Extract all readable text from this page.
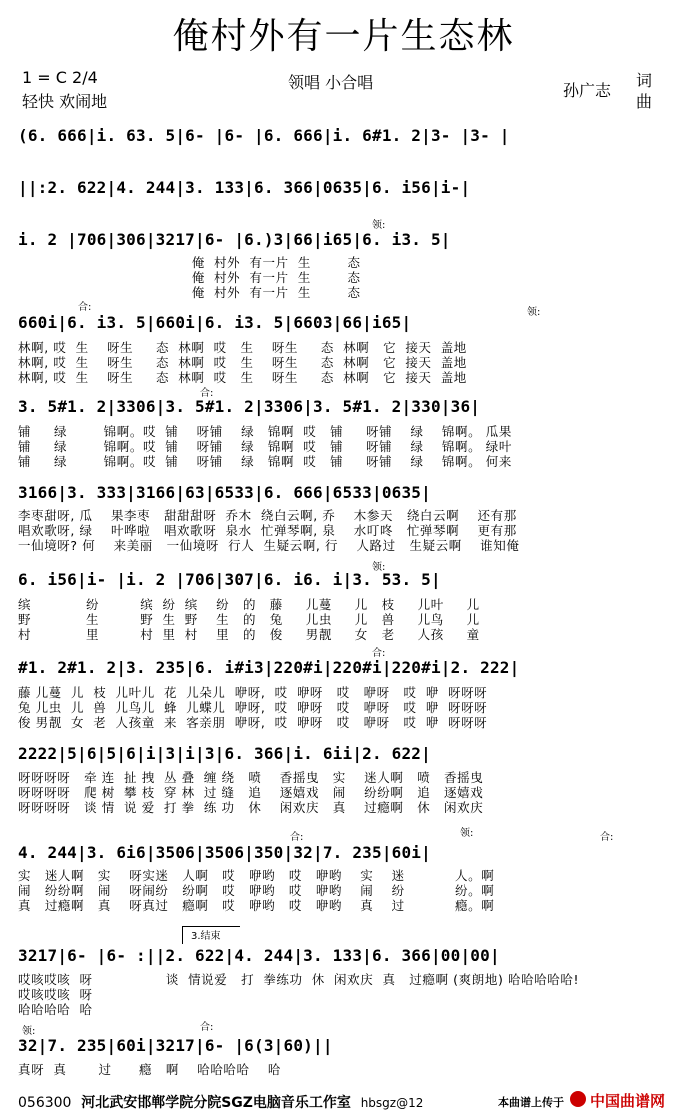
俺村外有一片生态林
1 = C 2/4
轻快 欢闹地
领唱 小合唱	孙广志
词
曲
(6. 666|i. 63. 5|6- |6- |6. 666|i. 6#1. 2|3- |3- |
||:2. 622|4. 244|3. 133|6. 366|0635|6. i56|i-|
领:
i. 2 |706|306|3217|6- |6.)3|66|i65|6. i3. 5|
俺  村外  有一片  生        态
俺  村外  有一片  生        态
俺  村外  有一片  生        态
合:	领:
660i|6. i3. 5|660i|6. i3. 5|6603|66|i65|
林啊, 哎  生    呀生     态  林啊  哎   生    呀生     态  林啊   它  接天  盖地
林啊, 哎  生    呀生     态  林啊  哎   生    呀生     态  林啊   它  接天  盖地
林啊, 哎  生    呀生     态  林啊  哎   生    呀生     态  林啊   它  接天  盖地
合:
3. 5#1. 2|3306|3. 5#1. 2|3306|3. 5#1. 2|330|36|
铺     绿        锦啊。哎  铺    呀铺    绿   锦啊  哎   铺     呀铺    绿    锦啊。 瓜果
铺     绿        锦啊。哎  铺    呀铺    绿   锦啊  哎   铺     呀铺    绿    锦啊。 绿叶
铺     绿        锦啊。哎  铺    呀铺    绿   锦啊  哎   铺     呀铺    绿    锦啊。 何来
3166|3. 333|3166|63|6533|6. 666|6533|0635|
李枣甜呀, 瓜    果李枣   甜甜甜呀  乔木  绕白云啊, 乔    木参天   绕白云啊    还有那
唱欢歌呀, 绿    叶哗啦   唱欢歌呀  泉水  忙弹琴啊, 泉    水叮咚   忙弹琴啊    更有那
一仙境呀? 何    来美丽   一仙境呀  行人  生疑云啊, 行    人路过   生疑云啊    谁知俺
领:
6. i56|i- |i. 2 |706|307|6. i6. i|3. 53. 5|
缤            纷         缤  纷  缤    纷   的   藤     儿蔓     儿   枝     儿叶     儿
野            生         野  生  野    生   的   兔     儿虫     儿   兽     儿鸟     儿
村            里         村  里  村    里   的   俊     男靓     女   老     人孩     童
合:
#1. 2#1. 2|3. 235|6. i#i3|220#i|220#i|220#i|2. 222|
藤 儿蔓  儿  枝  儿叶儿  花  儿朵儿  咿呀,  哎  咿呀   哎   咿呀   哎  咿  呀呀呀
兔 儿虫  儿  兽  儿鸟儿  蜂  儿蝶儿  咿呀,  哎  咿呀   哎   咿呀   哎  咿  呀呀呀
俊 男靓  女  老  人孩童  来  客亲朋  咿呀,  哎  咿呀   哎   咿呀   哎  咿  呀呀呀
2222|5|6|5|6|i|3|i|3|6. 366|i. 6ii|2. 622|
呀呀呀呀   牵 连  扯 拽  丛 叠  缠 绕   喷    香摇曳   实    迷人啊   喷   香摇曳
呀呀呀呀   爬 树  攀 枝  穿 林  过 缝   追    逐嬉戏   闹    纷纷啊   追   逐嬉戏
呀呀呀呀   谈 情  说 爱  打 拳  练 功   休    闲欢庆   真    过瘾啊   休   闲欢庆
合:	领:	合:
4. 244|3. 6i6|3506|3506|350|32|7. 235|60i|
实   迷人啊   实    呀实迷   人啊   哎   咿哟   哎   咿哟    实    迷           人。啊
闹   纷纷啊   闹    呀闹纷   纷啊   哎   咿哟   哎   咿哟    闹    纷           纷。啊
真   过瘾啊   真    呀真过   瘾啊   哎   咿哟   哎   咿哟    真    过           瘾。啊
3.结束
3217|6- |6- :||2. 622|4. 244|3. 133|6. 366|00|00|
哎咳哎咳  呀                谈  情说爱   打  拳练功  休  闲欢庆  真   过瘾啊 (爽朗地) 哈哈哈哈哈!
哎咳哎咳  呀
哈哈哈哈  哈
领:	合:
32|7. 235|60i|3217|6- |6(3|60)||
真呀  真       过      瘾   啊    哈哈哈哈    哈
056300 河北武安邯郸学院分院SGZ电脑音乐工作室 hbsgz@12	本曲谱上传于 中国曲谱网
